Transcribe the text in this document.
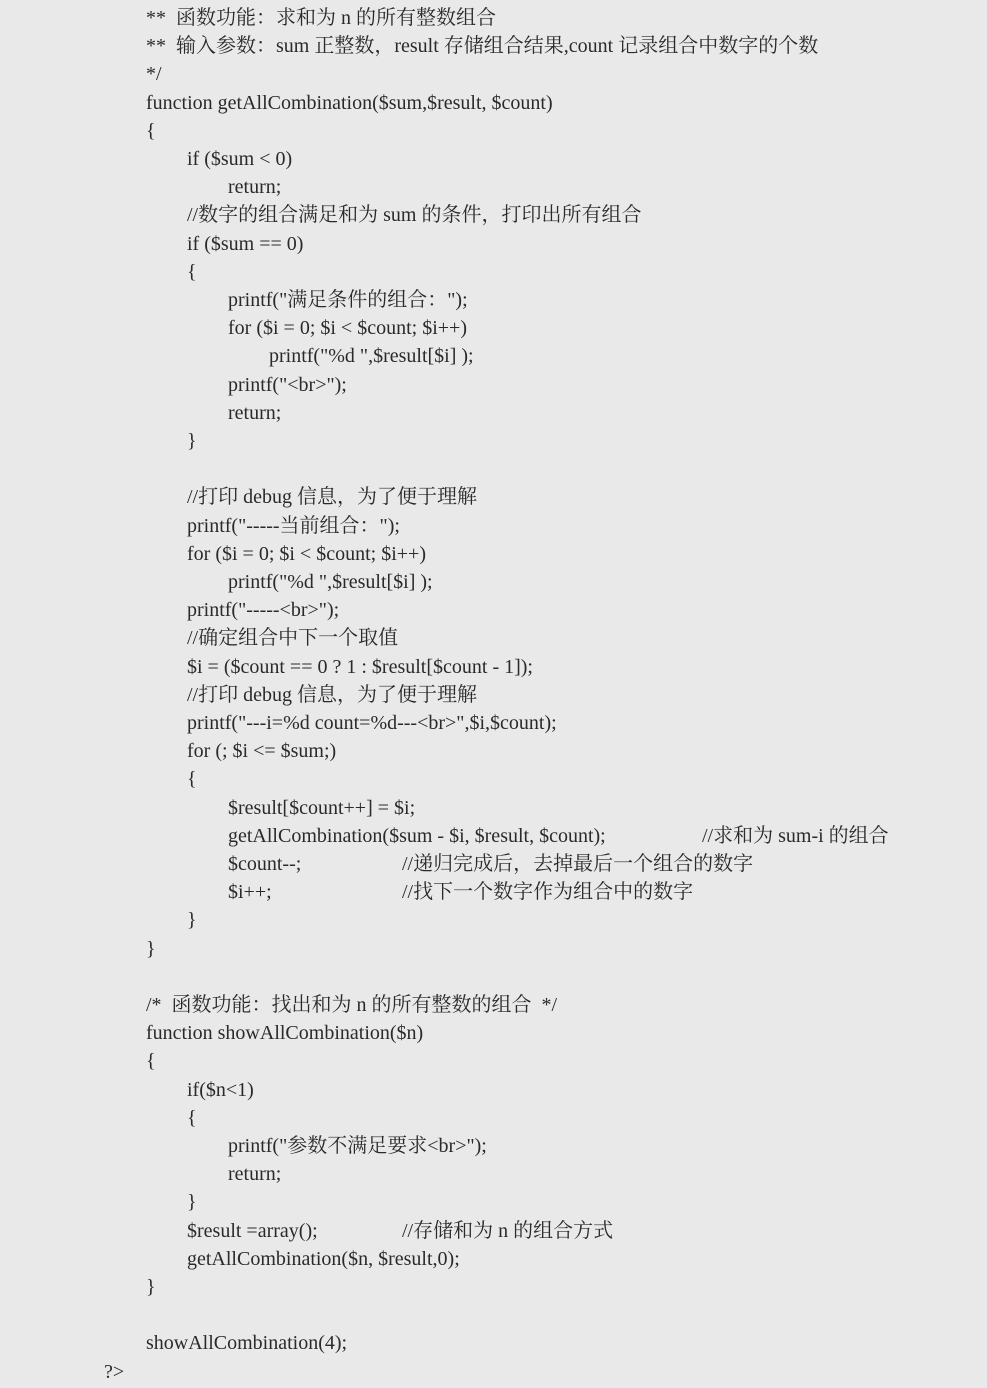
**  函数功能：求和为 n 的所有整数组合
**  输入参数：sum 正整数，result 存储组合结果,count 记录组合中数字的个数
*/
function getAllCombination($sum,$result, $count)
{
if ($sum < 0)
return;
//数字的组合满足和为 sum 的条件，打印出所有组合
if ($sum == 0)
{
printf("满足条件的组合：");
for ($i = 0; $i < $count; $i++)
printf("%d ",$result[$i] );
printf("<br>");
return;
}
//打印 debug 信息，为了便于理解
printf("-----当前组合：");
for ($i = 0; $i < $count; $i++)
printf("%d ",$result[$i] );
printf("-----<br>");
//确定组合中下一个取值
$i = ($count == 0 ? 1 : $result[$count - 1]);
//打印 debug 信息，为了便于理解
printf("---i=%d count=%d---<br>",$i,$count);
for (; $i <= $sum;)
{
$result[$count++] = $i;
getAllCombination($sum - $i, $result, $count);	//求和为 sum-i 的组合
$count--;	//递归完成后，去掉最后一个组合的数字
$i++;	//找下一个数字作为组合中的数字
}
}
/*  函数功能：找出和为 n 的所有整数的组合  */
function showAllCombination($n)
{
if($n<1)
{
printf("参数不满足要求<br>");
return;
}
$result =array();	//存储和为 n 的组合方式
getAllCombination($n, $result,0);
}
showAllCombination(4);
?>
